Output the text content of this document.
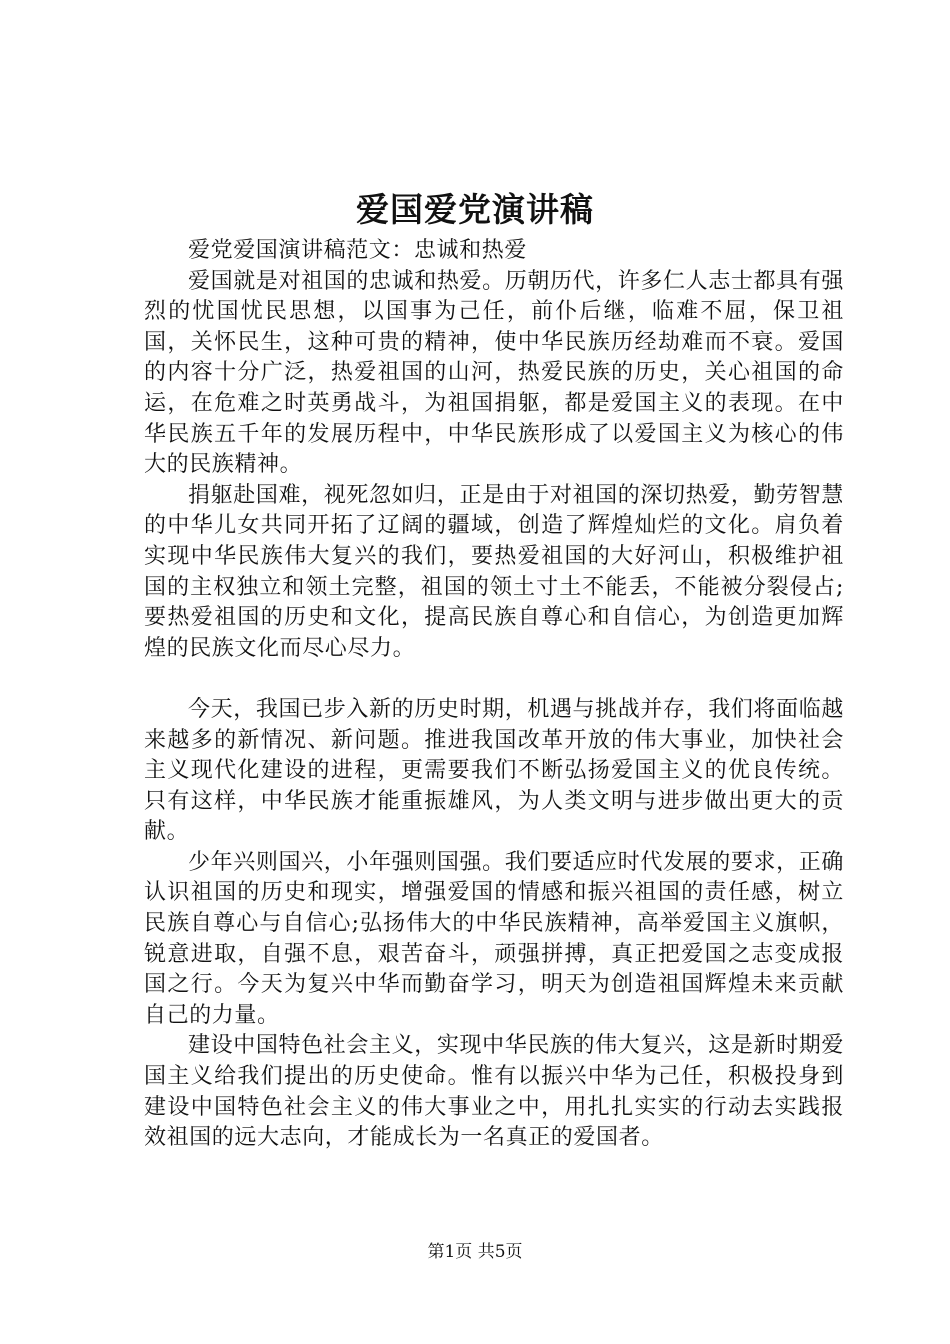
爱国爱党演讲稿

爱党爱国演讲稿范文：忠诚和热爱

爱国就是对祖国的忠诚和热爱。历朝历代，许多仁人志士都具有强烈的忧国忧民思想，以国事为己任，前仆后继，临难不屈，保卫祖国，关怀民生，这种可贵的精神，使中华民族历经劫难而不衰。爱国的内容十分广泛，热爱祖国的山河，热爱民族的历史，关心祖国的命运，在危难之时英勇战斗，为祖国捐躯，都是爱国主义的表现。在中华民族五千年的发展历程中，中华民族形成了以爱国主义为核心的伟大的民族精神。

捐躯赴国难，视死忽如归，正是由于对祖国的深切热爱，勤劳智慧的中华儿女共同开拓了辽阔的疆域，创造了辉煌灿烂的文化。肩负着实现中华民族伟大复兴的我们，要热爱祖国的大好河山，积极维护祖国的主权独立和领土完整，祖国的领土寸土不能丢，不能被分裂侵占;要热爱祖国的历史和文化，提高民族自尊心和自信心，为创造更加辉煌的民族文化而尽心尽力。

今天，我国已步入新的历史时期，机遇与挑战并存，我们将面临越来越多的新情况、新问题。推进我国改革开放的伟大事业，加快社会主义现代化建设的进程，更需要我们不断弘扬爱国主义的优良传统。只有这样，中华民族才能重振雄风，为人类文明与进步做出更大的贡献。

少年兴则国兴，小年强则国强。我们要适应时代发展的要求，正确认识祖国的历史和现实，增强爱国的情感和振兴祖国的责任感，树立民族自尊心与自信心;弘扬伟大的中华民族精神，高举爱国主义旗帜，锐意进取，自强不息，艰苦奋斗，顽强拼搏，真正把爱国之志变成报国之行。今天为复兴中华而勤奋学习，明天为创造祖国辉煌未来贡献自己的力量。

建设中国特色社会主义，实现中华民族的伟大复兴，这是新时期爱国主义给我们提出的历史使命。惟有以振兴中华为己任，积极投身到建设中国特色社会主义的伟大事业之中，用扎扎实实的行动去实践报效祖国的远大志向，才能成长为一名真正的爱国者。

第1页 共5页
